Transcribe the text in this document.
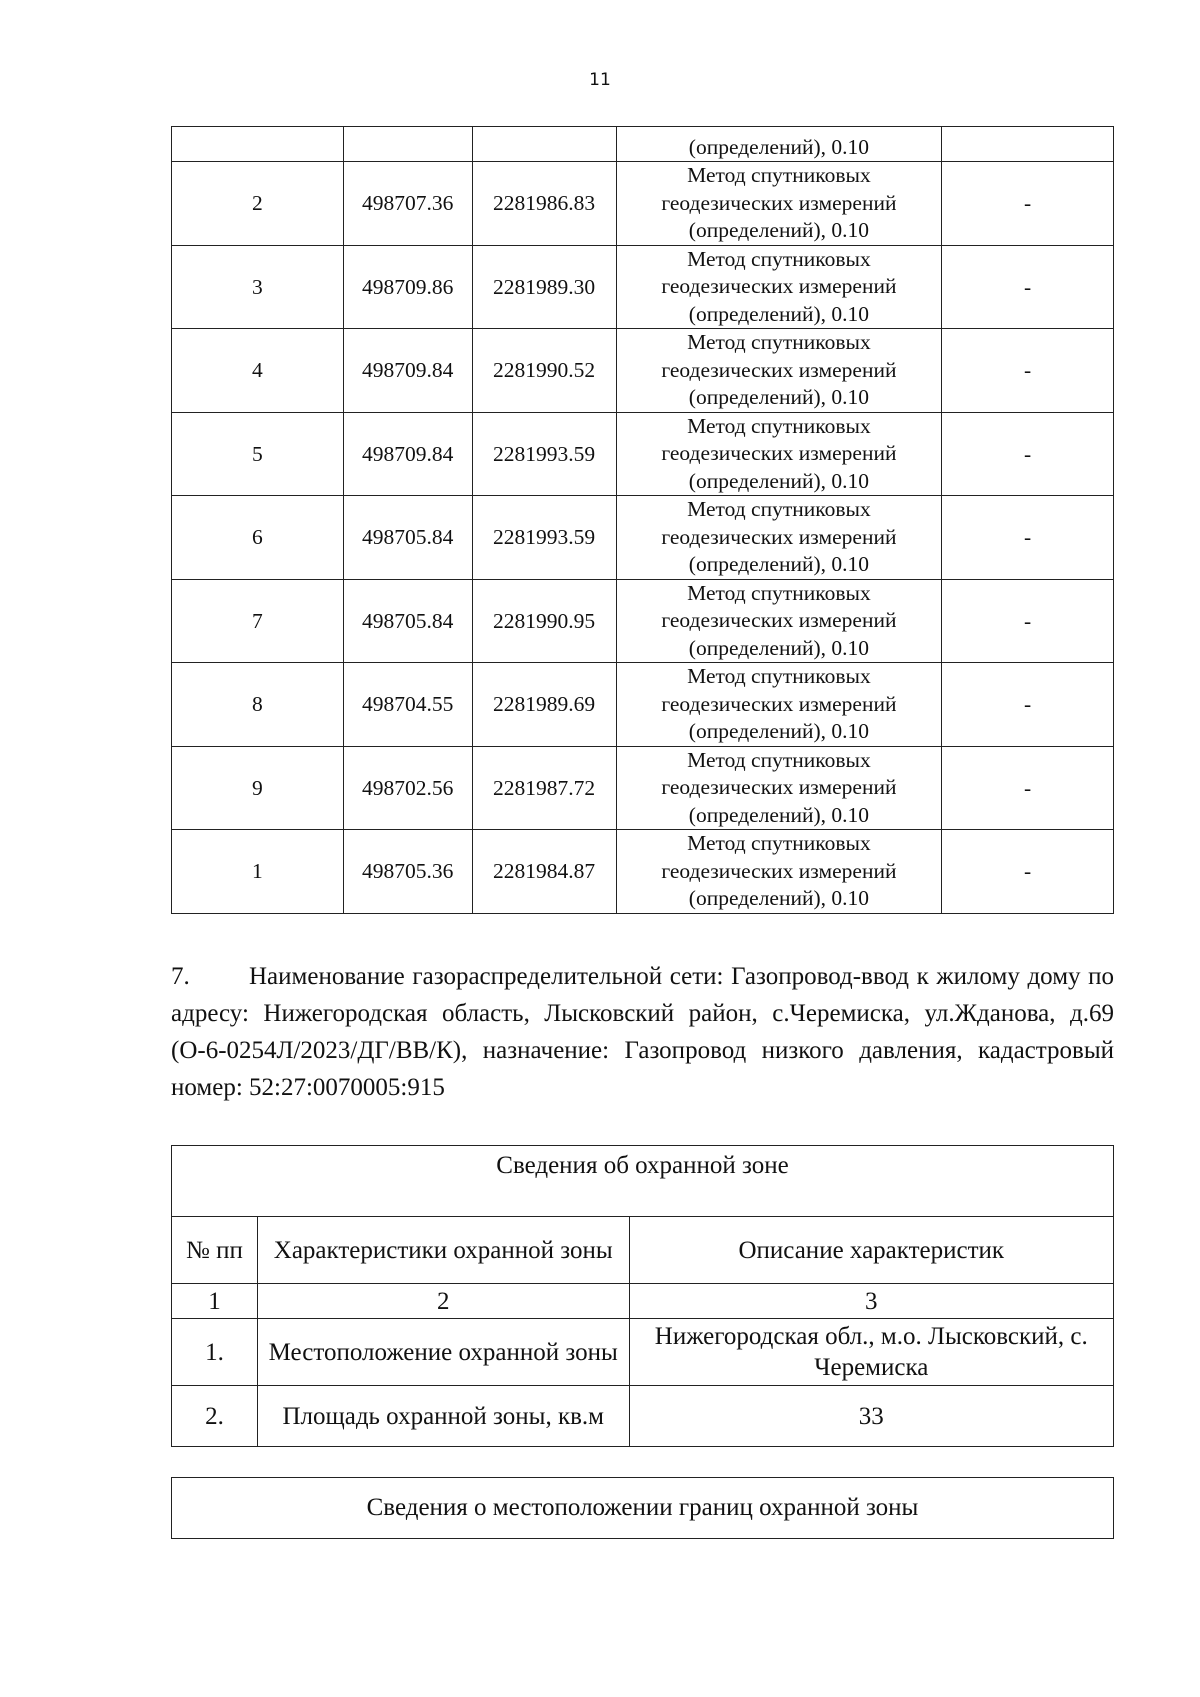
11
			(определений), 0.10	
2	498707.36	2281986.83	Метод спутниковых
геодезических измерений
(определений), 0.10	-
3	498709.86	2281989.30	Метод спутниковых
геодезических измерений
(определений), 0.10	-
4	498709.84	2281990.52	Метод спутниковых
геодезических измерений
(определений), 0.10	-
5	498709.84	2281993.59	Метод спутниковых
геодезических измерений
(определений), 0.10	-
6	498705.84	2281993.59	Метод спутниковых
геодезических измерений
(определений), 0.10	-
7	498705.84	2281990.95	Метод спутниковых
геодезических измерений
(определений), 0.10	-
8	498704.55	2281989.69	Метод спутниковых
геодезических измерений
(определений), 0.10	-
9	498702.56	2281987.72	Метод спутниковых
геодезических измерений
(определений), 0.10	-
1	498705.36	2281984.87	Метод спутниковых
геодезических измерений
(определений), 0.10	-
7. Наименование газораспределительной сети: Газопровод-ввод к жилому дому по адресу: Нижегородская область, Лысковский район, с.Черемиска, ул.Жданова, д.69 (О-6-0254Л/2023/ДГ/ВВ/К), назначение: Газопровод низкого давления, кадастровый номер: 52:27:0070005:915
Сведения об охранной зоне		
№ пп	Характеристики охранной зоны	Описание характеристик
1	2	3
1.	Местоположение охранной зоны	Нижегородская обл., м.о. Лысковский, с. Черемиска
2.	Площадь охранной зоны, кв.м	33
Сведения о местоположении границ охранной зоны
